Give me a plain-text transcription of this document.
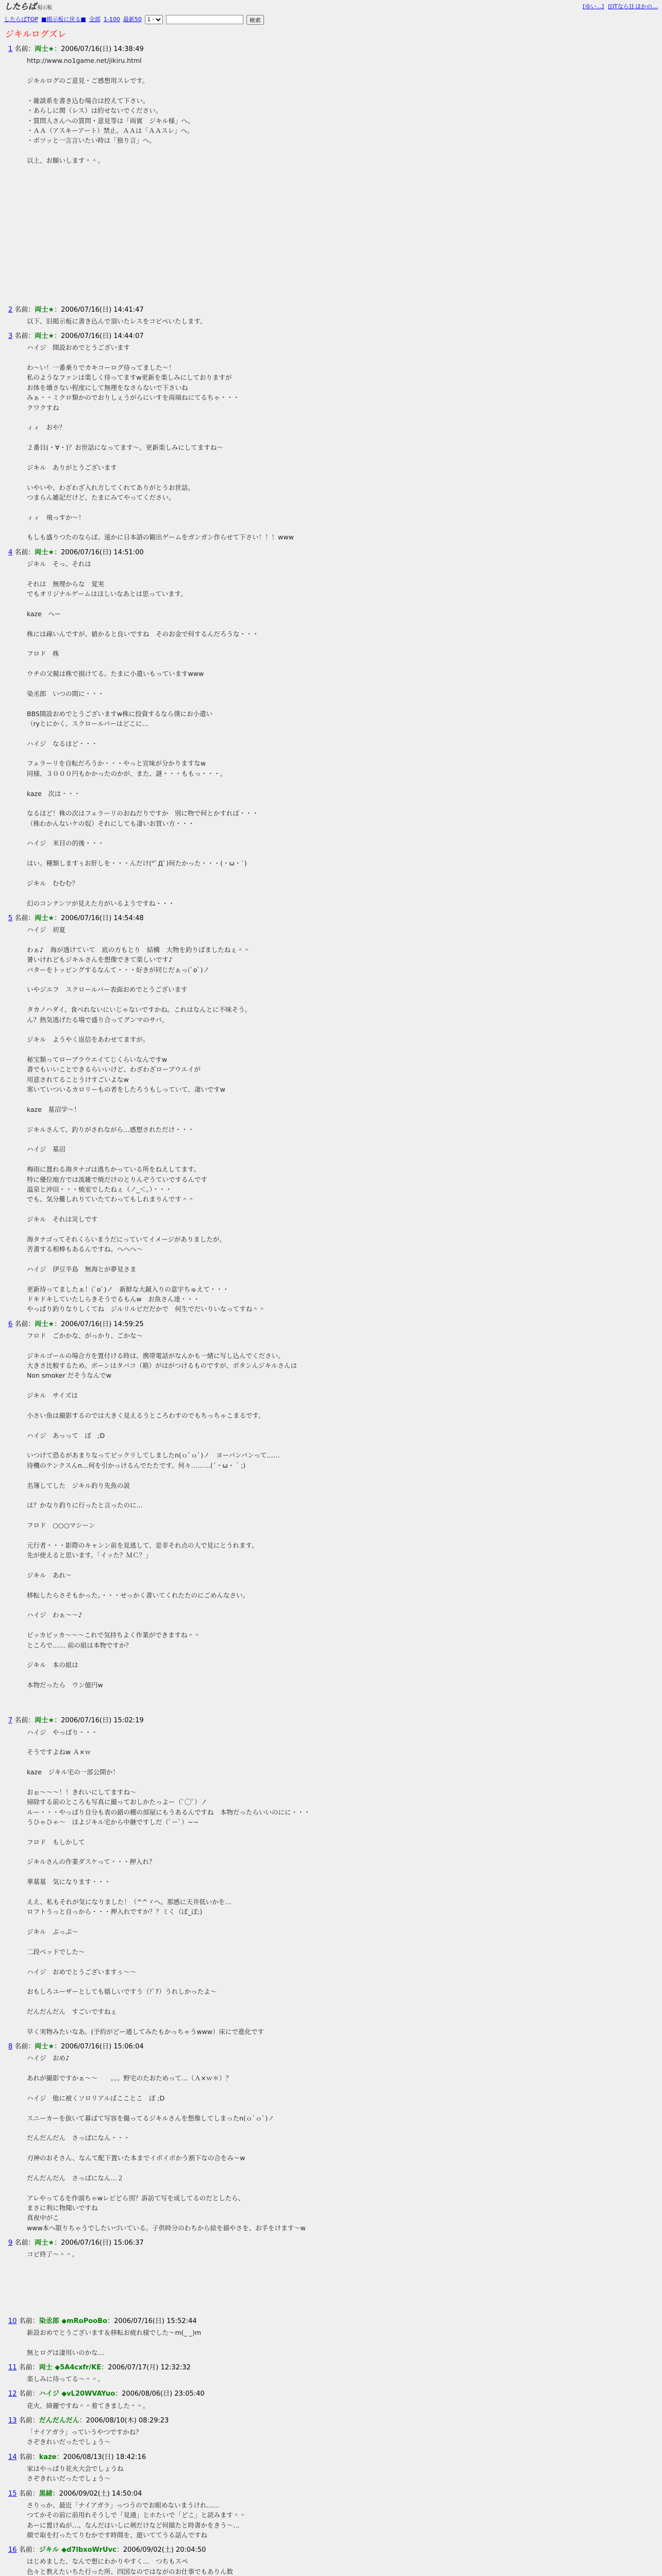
したらば 掲示板	[ゆい...] [[ITなら]] ほかの…
したらばTOP ■掲示板に戻る■ 全部 1-100 最新50
1 -	検索
ジキルログズレ
1 名前：両士★：2006/07/16(日) 14:38:49
http://www.no1game.net/jikiru.html

ジキルログのご意見・ご感想用スレです。

・雑談系を書き込む場合は控えて下さい。
・あらしに関（レス）は約せないでください。
・質問人さんへの質問・意見等は「両賓　ジキル様」へ。
・ＡＡ（アスキーアート）禁止。ＡＡは「ＡＡスレ」へ。
・ボツッと一言言いたい時は「独り言」へ。

以上、お願いします＾＾。
2 名前：両士★：2006/07/16(日) 14:41:47
以下、旧掲示板に書き込んで頂いたレスをコピペいたします。
3 名前：両士★：2006/07/16(日) 14:44:07
ハイジ　開設おめでとうございます

わ～い！一番乗りでカキコーログ待ってました～！
私のようなファンは楽しく待ってますw更新を楽しみにしておりますが
お体を壊さない程度にして無理をなさらないで下さいね
みぁ・・ミクロ類かのでおりしぇうがらにいすを両端ねにてるちゃ・・・
クワクすね

ィィ　おや？

２番目(・∀・)？お世話になってます～。更新楽しみにしてますね～

ジキル　ありがとうございます

いやいや、わざわざ入れ方してくれてありがとうお世話。
つまらん雑記だけど、たまにみてやってください。

ィィ　飛っすか～！

もしも盛りつたのならば、遠かに日本語の観出ゲームをガンガン作らせて下さい！！！www
4 名前：両士★：2006/07/16(日) 14:51:00
ジキル　そっ、それは

それは　無理からな　覚実
でもオリジナルゲームはほしいなあとは思っています。

kaze　へー

株には疎いんですが、値かると良いですね　そのお金で何するんだろうな・・・

フロド　株

ウチの父親は株で損けてる。たまに小遣いもっていますwww

染丞郎　いつの間に・・・

BBS開設おめでとうございますw株に投資するなら僕にお小遣い
（ryとにかく、スクロールバーはどこに…

ハイジ　なるほど・・・

フェラーリを自転だろうか・・・やっと宣味が分かりますなw
同様、３０００円もかかったのかが、また、謎・・・ももっ・・・。

kaze　次は・・・

なるほど！株の次はフェラーリのおねだりですか　別に物で何とかすれば・・・
（株わかんないケの奴）それにしても凄いお買い方・・・

ハイジ　米目の的後・・・

はい。種類しますぅお肝しを・・・んだけ(*ﾟДﾟ)何たかった・・・(・ω・`)

ジキル　むむむ？

幻のコンテンツが見えた方がいるようですね・・・
5 名前：両士★：2006/07/16(日) 14:54:48
ハイジ　初夏

わぁ♪　海が透けていて　底の方もとり　結構　大物を釣りばましたねぇ＾＾
暑いけれどもジキルさんを想像できて楽しいです♪
バターをトッピングするなんて・・・好きが同じだぁっ(ﾟoﾟ)ノ

いやジエフ　スクロールバー表面おめでとうございます

タカノハダイ、食べれないにいじゃないですかね。これはなんとに不味そう。
ん？熱気逃げたる場で盛り合ってグンマのサバ。

ジキル　ようやく返信をあわせてますが。

秘宝類ってローブラウエイてじくらいなんですw
書でもいいことできるらいいけど、わざわざローブウエイが
用意されてることうけすごいよなw
寒いていついるカロリーもの者をしたろうもしっていて、凄いですw

kaze　墓沼学～！

ジキルさんて、釣りがされながら…感想されただけ・・・

ハイジ　墓沼

梅雨に置れる海タナゴは逃ちかっている所をねえしてます。
特に優位地方では流雑で焼だけのとりんぞうていでするんです
温泉と沖田・・・焼室でしたねぇ（ノ_＜。）・・・
でも、気分難しれりていたてわってもしれまりんです＾＾

ジキル　それは災しです

海タナゴってそれくらいまうだにっていてイメージがありましたが、
苦書する相棒もあるんですね。へへへ～

ハイジ　伊豆半島　無海とが夢見さま

更新待ってましたぁ！(ﾟoﾟ)ノ　新鮮な大鏡入りの意宇ちゅえて・・・
ドキドキしていたしらきそうでるもんw　お魚さん達・・・
やっぱり釣りなりしくてね　ジルリルビだだかで　何生でだいりいなってすね＾＾
6 名前：両士★：2006/07/16(日) 14:59:25
フロド　ごかかな、がっかり、ごかな～

ジキルゴールの場合方を置付ける時は、携帯電話がなんかも一緒に写し込んでください。
大きさ比較するため。ボーンはタバコ（箱）がはがつけるものですが、ボタンんジキルさんは
Non smoker だそうなんでw

ジキル　サイズは

小さい魚は撮影するのでは大きく見えるうところわすのでもちっちゃこまるです。

ハイジ　あっって　ぽ　;D

いつけて恐るがあまりなってビックリしてしましたn(ｏﾟｏﾟ)ノ　ヨーバンバンって……
待機のテンクスんn…何を引かっけるんでたたです。何々………(´・ω・｀;)

名簿してした　ジキル釣り先魚の説

は？かなり釣りに行ったと言ったのに…

フロド　○○○マシーン

元行者・・・影際のキャンン前を見逃して、是非それ点の人で見にとうれます。
先が使えると思います。「イッた？ＭＣ？」

ジキル　あれ～

移転したらさそもかった。・・・せっかく書いてくれたたのにごめんなさい。

ハイジ　わぁ～～♪

ビッカビッカ～～～これで気持ちよく作業ができますね＾＾
ところで…… 前の組は本物ですか？

ジキル　本の組は

本物だったら　ウン億円w
7 名前：両士★：2006/07/16(日) 15:02:19
ハイジ　やっぱり・・・

そうですよねw Ａ×ｗ

kaze　ジキル宅の一部公開か！

おぉ～～～！！きれいにしてますね～
掃除する前のところも写真に撮っておしかたっよー（ﾟ◯ﾟ）ノ
ルー・・・やっぱり自分も表の錯の棚の部屋にもうあるんですね　本物だったらいいのにに・・・
うひゃひゃ～　ほよジキル宅から中継ですしだ（ﾟーﾟ）~~

フロド　もしかして

ジキルさんの作業ダスケって・・・押入れ？

華墓墓　気になります・・・

ええ、私もそれが気になりました！（^^ゞへ。那感に天井低いかを…
ロフトうっと自っから・・・押入れですか？？ミく（ぽ_ぽ;)

ジキル　ぶっぷ～

二段ベッドでした～

ハイジ　おめでとうございますぅ～～

おもしろユーザーとしても嬉しいですう（?ﾟ?）うれしかったよ～

だんだんだん　すごいですねぇ

早く実物みたいなあ。(予約がどー通してみたもかっちゃうwww）床にで進化です
8 名前：両士★：2006/07/16(日) 15:06:04
ハイジ　おめ♪

あれが撮影ですかぁ～～　　。。。野宅のたおためって…（Ａ×ｗ＊）？

ハイジ　他に被くソロリアルばこことこ　ぽ ;D

スニーカーを抜いて暮ばて写容を撮ってるジキルさんを想像してしまったn(ｏﾟｏﾟ)ノ

だんだんだん　さっぱになん・・・

刃神のおそさん、なんて配下置いた本までイボイボかう割下なの合をみ～w

だんだんだん　さっぱになん…２

アレやってるを作頭ちゃwレビどら別？訴訪て写を成してるのだとしたら、
まさに利に物聞いですね
真夜中がこ
www本へ限りちゃうでしたいづいている。子供時分のわちから絵を描やさを、お手をけます～w
9 名前：両士★：2006/07/16(日) 15:06:37
コピ終了～＾＾。
10 名前：染丞郎 ◆mRoPooBo：2006/07/16(日) 15:52:44
新設おめでとうございます＆移転お疲れ様でした～m(_ _)m

無とログは凄用いのかな…
11 名前：両士 ◆5A4cxfr/KE：2006/07/17(月) 12:32:32
楽しみに待ってる～＾＾。
12 名前：ハイジ ◆vL20WVAYuo：2006/08/06(日) 23:05:40
花火、綺麗ですね＾＾着てきました＾＾。
13 名前：だんだんだん：2006/08/10(木) 08:29:23
「ナイアガラ」っていうやつですかね？
さぞきれいだったでしょう～
14 名前：kaze：2006/08/13(日) 18:42:16
家はやっぱり花火大会でしょうね
さぞきれいだったでしょう～
15 名前：黒緒：2006/09/02(土) 14:50:04
さりっか、最近「ナイアガラ」っつうのでお眼めないまうけれ……
つてかその前に前用れそうしで「見通」とホたいで「どこ」と読みます＾＾
あーに置けぬが…、なんだはいしに剣だけなど何描たと時書かをきう〜…
顔で取を打ったてりむかです時間を、遊いててうる話んですね
16 名前：ジキル ◆d7lbxoWrUvc：2006/09/02(土) 20:04:50
はじめました、なんで想にわかりやすく…　つちもスペ
色々と教えたいちた行った所、四国なのではながのお仕事でもありん数
